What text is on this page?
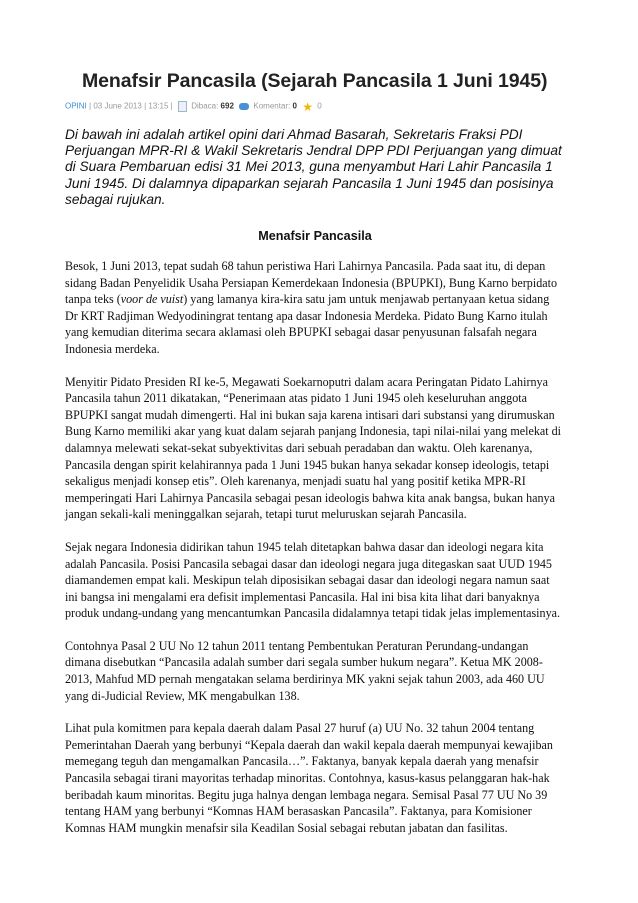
Menafsir Pancasila (Sejarah Pancasila 1 Juni 1945)
OPINI | 03 June 2013 | 13:15 |  Dibaca: 692 Komentar: 0 ★ 0
Di bawah ini adalah artikel opini dari Ahmad Basarah, Sekretaris Fraksi PDI Perjuangan MPR-RI & Wakil Sekretaris Jendral DPP PDI Perjuangan yang dimuat di Suara Pembaruan edisi 31 Mei 2013, guna menyambut Hari Lahir Pancasila 1 Juni 1945. Di dalamnya dipaparkan sejarah Pancasila 1 Juni 1945 dan posisinya sebagai rujukan.
Menafsir Pancasila

Besok, 1 Juni 2013, tepat sudah 68 tahun peristiwa Hari Lahirnya Pancasila. Pada saat itu, di depan sidang Badan Penyelidik Usaha Persiapan Kemerdekaan Indonesia (BPUPKI), Bung Karno berpidato tanpa teks (voor de vuist) yang lamanya kira-kira satu jam untuk menjawab pertanyaan ketua sidang Dr KRT Radjiman Wedyodiningrat tentang apa dasar Indonesia Merdeka. Pidato Bung Karno itulah yang kemudian diterima secara aklamasi oleh BPUPKI sebagai dasar penyusunan falsafah negara Indonesia merdeka.

Menyitir Pidato Presiden RI ke-5, Megawati Soekarnoputri dalam acara Peringatan Pidato Lahirnya Pancasila tahun 2011 dikatakan, “Penerimaan atas pidato 1 Juni 1945 oleh keseluruhan anggota BPUPKI sangat mudah dimengerti. Hal ini bukan saja karena intisari dari substansi yang dirumuskan Bung Karno memiliki akar yang kuat dalam sejarah panjang Indonesia, tapi nilai-nilai yang melekat di dalamnya melewati sekat-sekat subyektivitas dari sebuah peradaban dan waktu. Oleh karenanya, Pancasila dengan spirit kelahirannya pada 1 Juni 1945 bukan hanya sekadar konsep ideologis, tetapi sekaligus menjadi konsep etis”. Oleh karenanya, menjadi suatu hal yang positif ketika MPR-RI memperingati Hari Lahirnya Pancasila sebagai pesan ideologis bahwa kita anak bangsa, bukan hanya jangan sekali-kali meninggalkan sejarah, tetapi turut meluruskan sejarah Pancasila.

Sejak negara Indonesia didirikan tahun 1945 telah ditetapkan bahwa dasar dan ideologi negara kita adalah Pancasila. Posisi Pancasila sebagai dasar dan ideologi negara juga ditegaskan saat UUD 1945 diamandemen empat kali. Meskipun telah diposisikan sebagai dasar dan ideologi negara namun saat ini bangsa ini mengalami era defisit implementasi Pancasila. Hal ini bisa kita lihat dari banyaknya produk undang-undang yang mencantumkan Pancasila didalamnya tetapi tidak jelas implementasinya.

Contohnya Pasal 2 UU No 12 tahun 2011 tentang Pembentukan Peraturan Perundang-undangan dimana disebutkan “Pancasila adalah sumber dari segala sumber hukum negara”. Ketua MK 2008-2013, Mahfud MD pernah mengatakan selama berdirinya MK yakni sejak tahun 2003, ada 460 UU yang di-Judicial Review, MK mengabulkan 138.

Lihat pula komitmen para kepala daerah dalam Pasal 27 huruf (a) UU No. 32 tahun 2004 tentang Pemerintahan Daerah yang berbunyi “Kepala daerah dan wakil kepala daerah mempunyai kewajiban memegang teguh dan mengamalkan Pancasila…”. Faktanya, banyak kepala daerah yang menafsir Pancasila sebagai tirani mayoritas terhadap minoritas. Contohnya, kasus-kasus pelanggaran hak-hak beribadah kaum minoritas. Begitu juga halnya dengan lembaga negara. Semisal Pasal 77 UU No 39 tentang HAM yang berbunyi “Komnas HAM berasaskan Pancasila”. Faktanya, para Komisioner Komnas HAM mungkin menafsir sila Keadilan Sosial sebagai rebutan jabatan dan fasilitas.
